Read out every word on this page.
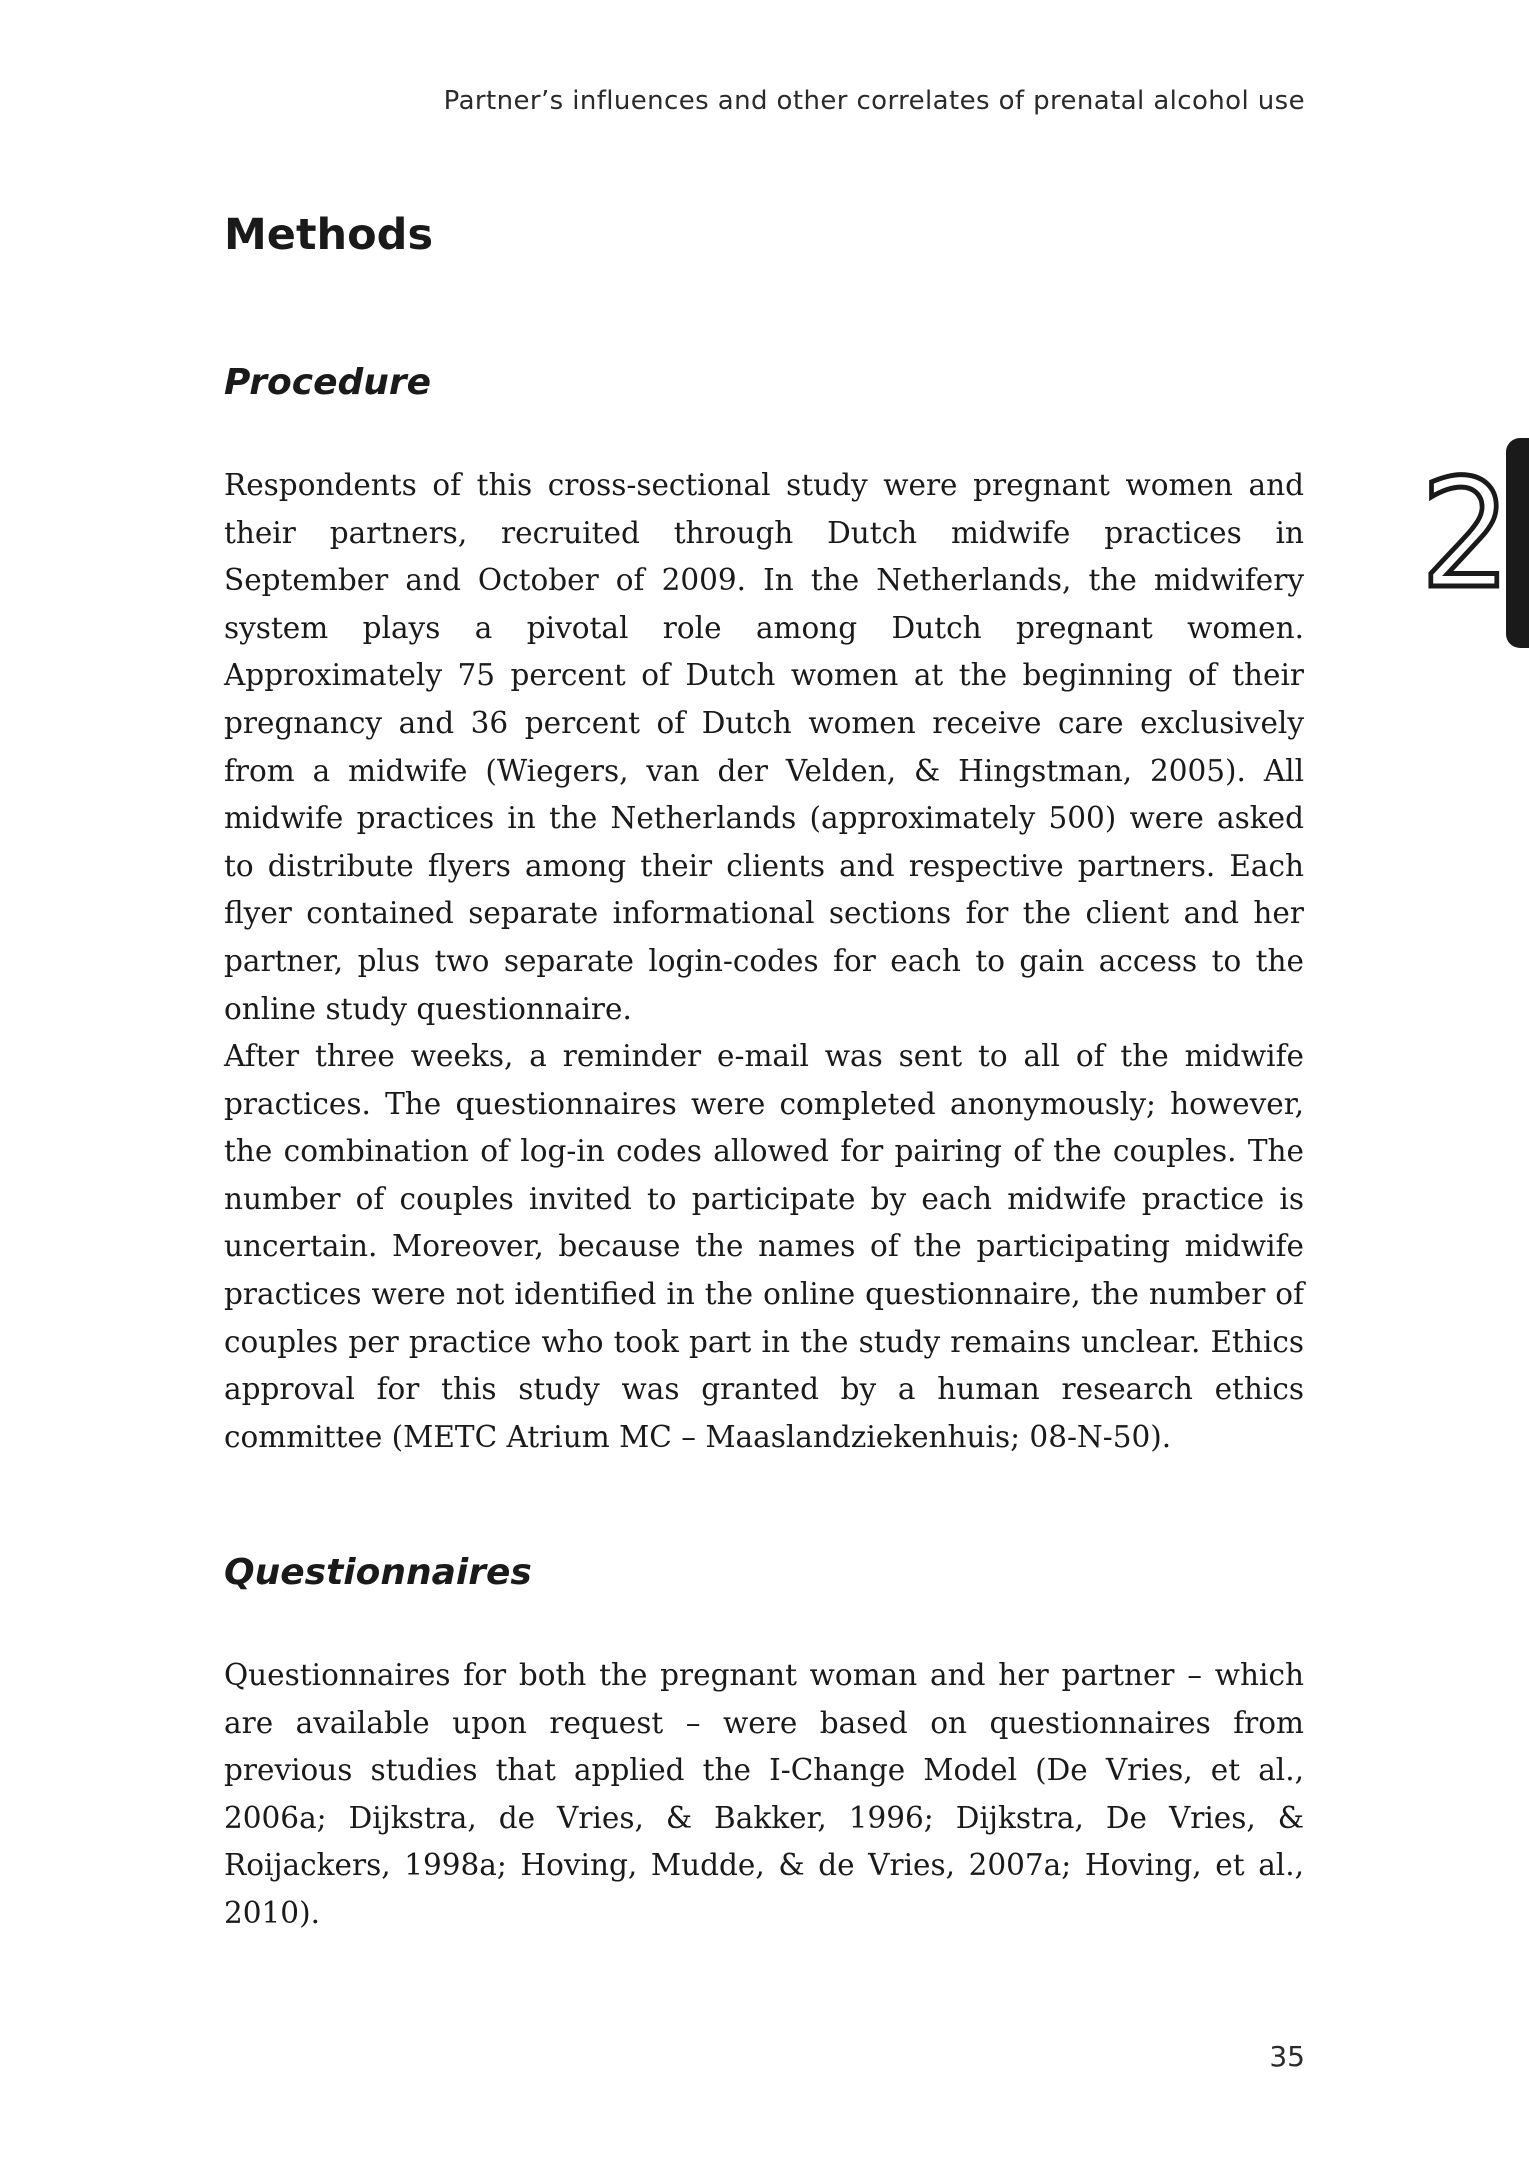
Partner’s influences and other correlates of prenatal alcohol use
2
Methods
Procedure

Respondents of this cross-sectional study were pregnant women and their partners, recruited through Dutch midwife practices in September and October of 2009. In the Netherlands, the midwifery system plays a pivotal role among Dutch pregnant women. Approximately 75 percent of Dutch women at the beginning of their pregnancy and 36 percent of Dutch women receive care exclusively from a midwife (Wiegers, van der Velden, & Hingstman, 2005). All midwife practices in the Netherlands (approximately 500) were asked to distribute flyers among their clients and respective partners. Each flyer contained separate informational sections for the client and her partner, plus two separate login-codes for each to gain access to the online study questionnaire.

After three weeks, a reminder e-mail was sent to all of the midwife practices. The questionnaires were completed anonymously; however, the combination of log-in codes allowed for pairing of the couples. The number of couples invited to participate by each midwife practice is uncertain. Moreover, because the names of the participating midwife practices were not identified in the online questionnaire, the number of couples per practice who took part in the study remains unclear. Ethics approval for this study was granted by a human research ethics committee (METC Atrium MC – Maaslandziekenhuis; 08-N-50).

Questionnaires

Questionnaires for both the pregnant woman and her partner – which are available upon request – were based on questionnaires from previous studies that applied the I-Change Model (De Vries, et al., 2006a; Dijkstra, de Vries, & Bakker, 1996; Dijkstra, De Vries, & Roijackers, 1998a; Hoving, Mudde, & de Vries, 2007a; Hoving, et al., 2010).

35
